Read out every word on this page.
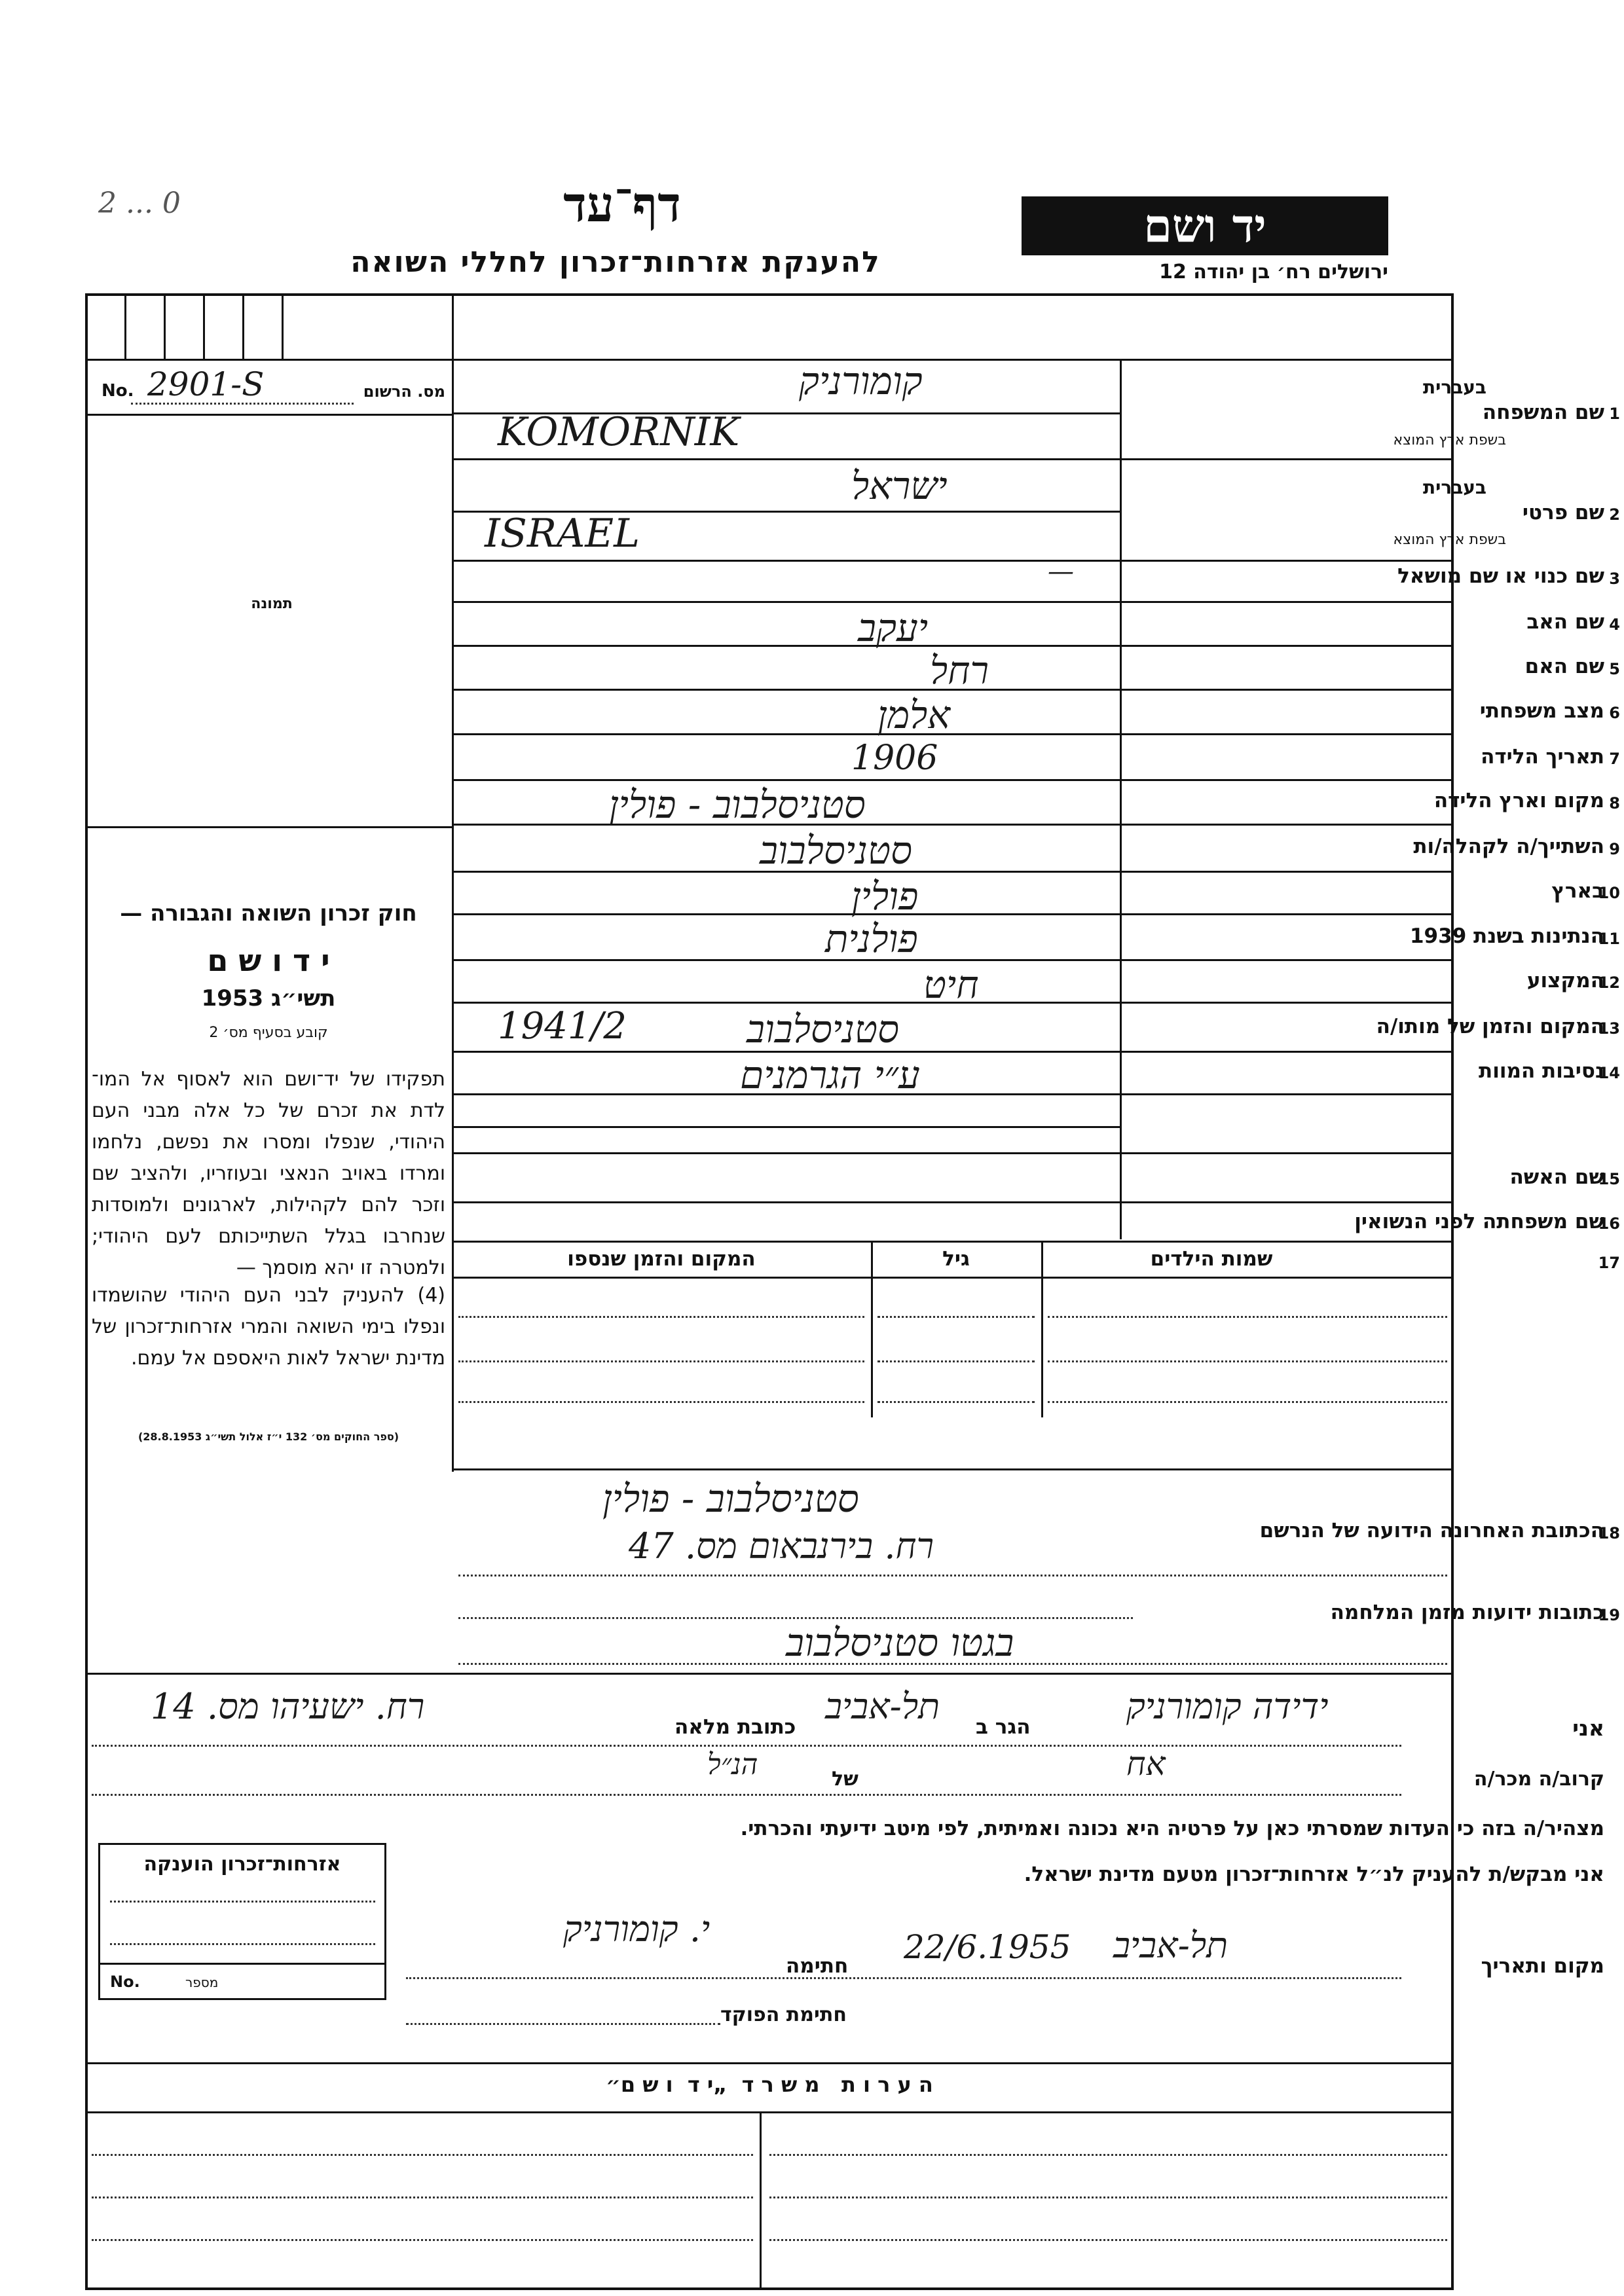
2 ... 0	דף־עד
להענקת אזרחות־זכרון לחללי השואה
יד ושם
ירושלים רח׳ בן יהודה 12
No. 2901-S	מס. הרשום
תמונה
חוק זכרון השואה והגבורה —
י ד ו ש ם
תשי״ג 1953
קובע בסעיף מס׳ 2
תפקידו של יד־ושם הוא לאסוף אל המו־ לדת את זכרם של כל אלה מבני העם היהודי, שנפלו ומסרו את נפשם, נלחמו ומרדו באויב הנאצי ובעוזריו, ולהציב שם וזכר להם לקהילות, לארגונים ולמוסדות שנחרבו בגלל השתייכותם לעם היהודי; ולמטרה זו יהא מוסמך —
(4) להעניק לבני העם היהודי שהושמדו ונפלו בימי השואה והמרי אזרחות־זכרון של מדינת ישראל לאות היאספם אל עמם.
(ספר החוקים מס׳ 132 י״ז אלול תשי״ג 28.8.1953)
1
שם המשפחה
בעברית
בשפת ארץ המוצא
קומורניק
KOMORNIK
2
שם פרטי
בעברית
בשפת ארץ המוצא
ישראל
ISRAEL
3
שם כנוי או שם מושאל
—
4
שם האב
יעקב
5
שם האם
רחל
6
מצב משפחתי
אלמן
7
תאריך הלידה
1906
8
מקום וארץ הלידה
סטניסלבוב - פולין
9
השתייך/ה לקהלה/ות
סטניסלבוב
10
בארץ
פולין
11
הנתינות בשנת 1939
פולנית
12
המקצוע
חיט
13
המקום והזמן של מותו/ה
סטניסלבוב
1941/2
14
נסיבות המוות
ע״י הגרמנים
15
שם האשה
16
שם משפחתה לפני הנשואין
17
שמות הילדים
גיל
המקום והזמן שנספו
18
הכתובת האחרונה הידועה של הנרשם
סטניסלבוב - פולין
רח. בירנבאום מס. 47
19
כתובות ידועות מזמן המלחמה
בגטו סטניסלבוב
אני
ידידה קומורניק
הגר ב
תל-אביב
כתובת מלאה
רח. ישעיהו מס. 14
קרוב/ה מכר/ה
אח
של
הנ״ל
מצהיר/ה בזה כי העדות שמסרתי כאן על פרטיה היא נכונה ואמיתית, לפי מיטב ידיעתי והכרתי.
אני מבקש/ת להעניק לנ״ל אזרחות־זכרון מטעם מדינת ישראל.
מקום ותאריך
תל-אביב
22/6.1955
חתימה
י. קומורניק
חתימת הפוקד
אזרחות־זכרון הוענקה
No.	מספר
ה ע ר ו ת   מ ש ר ד  „י ד  ו ש ם״
